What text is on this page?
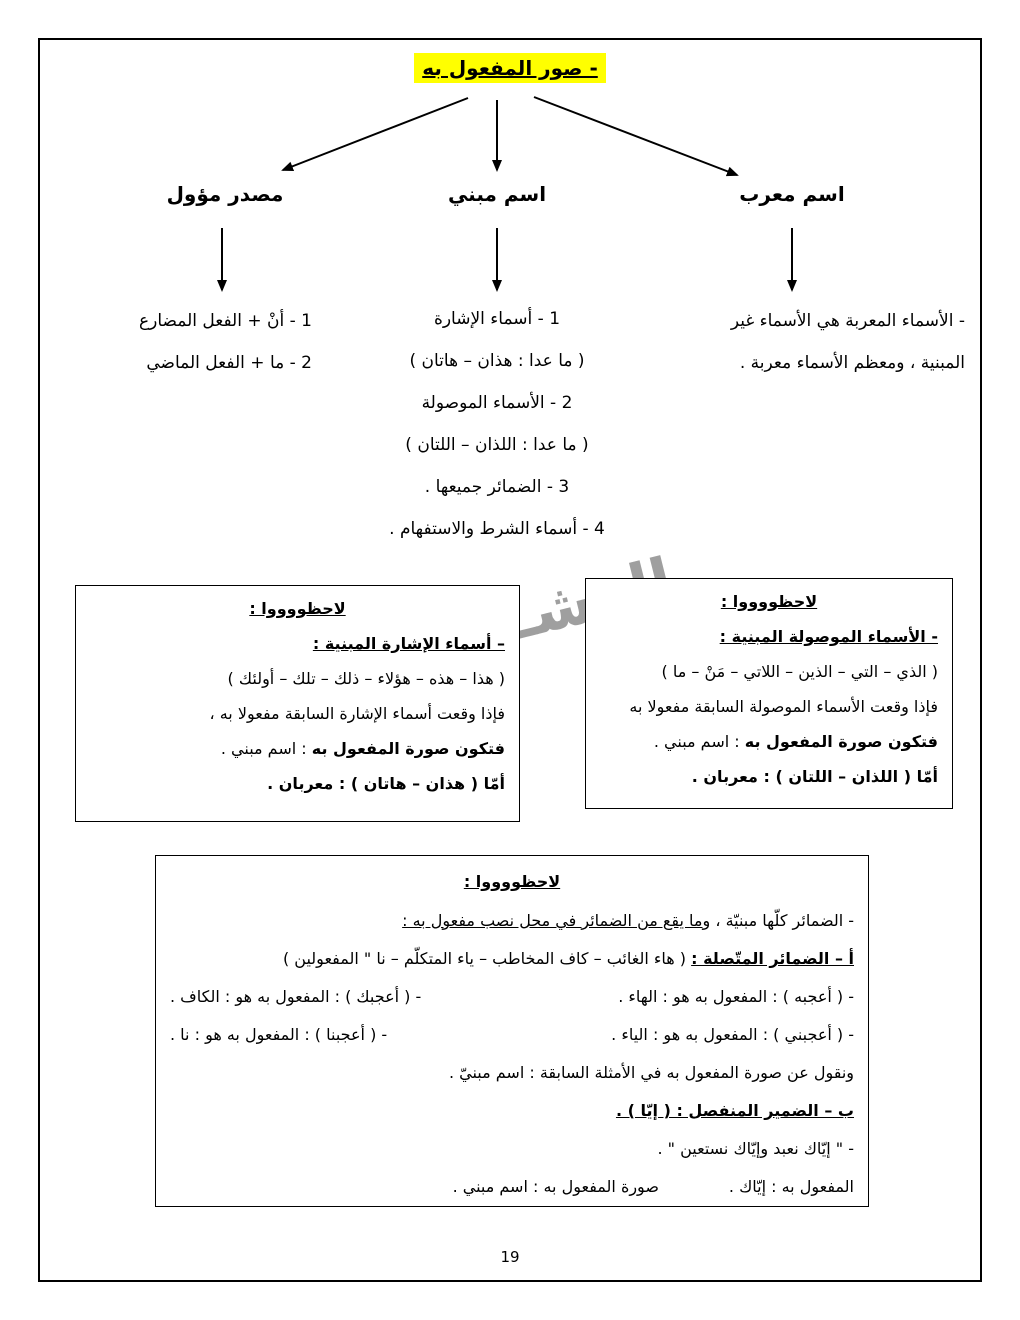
- صور المفعول به
مصدر مؤول	اسم مبني	اسم معرب
1 - أنْ + الفعل المضارع
2 - ما + الفعل الماضي
1 - أسماء الإشارة
( ما عدا : هذان – هاتان )
2 - الأسماء الموصولة
( ما عدا : اللذان – اللتان )
3 - الضمائر جميعها .
4 - أسماء الشرط والاستفهام .
- الأسماء المعربة هي الأسماء غير
المبنية ، ومعظم الأسماء معربة .
لاحظووووا :
– أسماء الإشارة المبنية :
( هذا – هذه – هؤلاء – ذلك – تلك – أولئك )
فإذا وقعت أسماء الإشارة السابقة مفعولا به ،
فتكون صورة المفعول به : اسم مبني .
أمّا ( هذان – هاتان ) : معربان .
لاحظووووا :
- الأسماء الموصولة المبنية :
( الذي – التي – الذين – اللاتي – مَنْ – ما )
فإذا وقعت الأسماء الموصولة السابقة مفعولا به
فتكون صورة المفعول به : اسم مبني .
أمّا ( اللذان – اللتان ) : معربان .
لاحظووووا :
- الضمائر كلّها مبنيّة ، وما يقع من الضمائر في محل نصب مفعول به :
أ – الضمائر المتّصلة : ( هاء الغائب – كاف المخاطب – ياء المتكلّم – نا " المفعولين )
- ( أعجبه ) : المفعول به هو : الهاء .
- ( أعجبك ) : المفعول به هو : الكاف .
- ( أعجبني ) : المفعول به هو : الياء .
- ( أعجبنا ) : المفعول به هو : نا .
ونقول عن صورة المفعول به في الأمثلة السابقة : اسم مبنيّ .
ب – الضمير المنفصل : ( إيّا ) .
- " إيّاك نعبد وإيّاك نستعين " .
المفعول به : إيّاك .
صورة المفعول به : اسم مبني .
19
